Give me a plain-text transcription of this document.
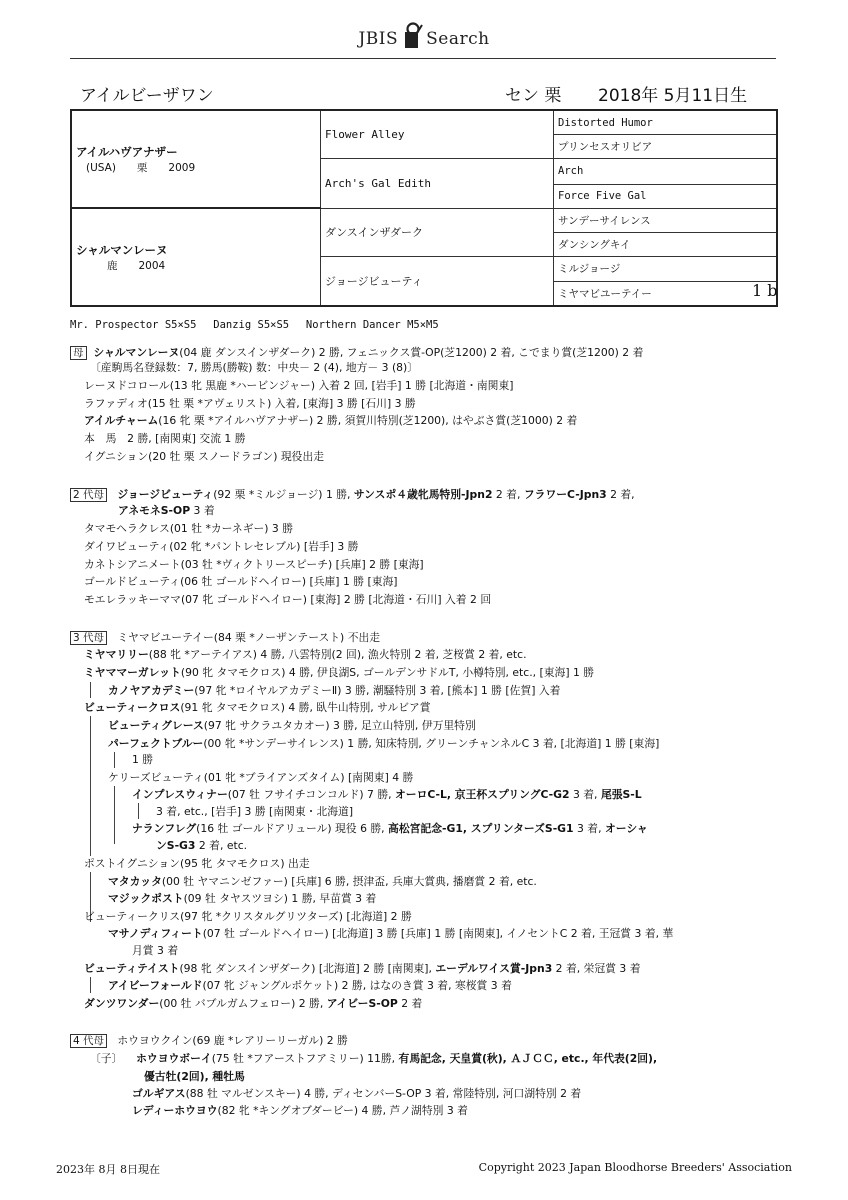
JBIS Search
アイルビーザワン	セン 栗 2018年 5月11日生
アイルハヴアナザー
(USA)　　栗　　2009	Flower Alley	Distorted Humor
		プリンセスオリビア
	Arch's Gal Edith	Arch
		Force Five Gal

シャルマンレーヌ
　　鹿　　2004	ダンスインザダーク	サンデーサイレンス
		ダンシングキイ
	ジョージビューティ	ミルジョージ
		ミヤマビユーテイー	1 b
Mr. Prospector S5×S5　 Danzig S5×S5　 Northern Dancer M5×M5
母 シャルマンレーヌ(04 鹿 ダンスインザダーク) 2 勝, フェニックス賞-OP(芝1200) 2 着, こでまり賞(芝1200) 2 着
〔産駒馬名登録数：7, 勝馬(勝鞍) 数：中央－ 2 (4), 地方－ 3 (8)〕
レーヌドコロール(13 牝 黒鹿 *ハービンジャー) 入着 2 回, [岩手] 1 勝 [北海道・南関東]
ラファディオ(15 牡 栗 *アヴェリスト) 入着, [東海] 3 勝 [石川] 3 勝
アイルチャーム(16 牝 栗 *アイルハヴアナザー) 2 勝, 須賀川特別(芝1200), はやぶさ賞(芝1000) 2 着
本　馬　2 勝, [南関東] 交流 1 勝
イグニション(20 牡 栗 スノードラゴン) 現役出走
2 代母 ジョージビューティ(92 栗 *ミルジョージ) 1 勝, サンスポ４歳牝馬特別-Jpn2 2 着, フラワーC-Jpn3 2 着,
アネモネS-OP 3 着
タマモヘラクレス(01 牡 *カーネギー) 3 勝
ダイワビューティ(02 牝 *パントレセレブル) [岩手] 3 勝
カネトシアニメート(03 牡 *ヴィクトリースピーチ) [兵庫] 2 勝 [東海]
ゴールドビューティ(06 牡 ゴールドヘイロー) [兵庫] 1 勝 [東海]
モエレラッキーママ(07 牝 ゴールドヘイロー) [東海] 2 勝 [北海道・石川] 入着 2 回
3 代母 ミヤマビユーテイー(84 栗 *ノーザンテースト) 不出走
ミヤマリリー(88 牝 *アーテイアス) 4 勝, 八雲特別(2 回), 漁火特別 2 着, 芝桜賞 2 着, etc.
ミヤママーガレット(90 牝 タマモクロス) 4 勝, 伊良湖S, ゴールデンサドルT, 小樽特別, etc., [東海] 1 勝
カノヤアカデミー(97 牝 *ロイヤルアカデミーⅡ) 3 勝, 潮騒特別 3 着, [熊本] 1 勝 [佐賀] 入着
ビューティークロス(91 牝 タマモクロス) 4 勝, 臥牛山特別, サルビア賞
ビューティグレース(97 牝 サクラユタカオー) 3 勝, 足立山特別, 伊万里特別
パーフェクトブルー(00 牝 *サンデーサイレンス) 1 勝, 知床特別, グリーンチャンネルC 3 着, [北海道] 1 勝 [東海]
1 勝
ケリーズビューティ(01 牝 *ブライアンズタイム) [南関東] 4 勝
インプレスウィナー(07 牡 フサイチコンコルド) 7 勝, オーロC-L, 京王杯スプリングC-G2 3 着, 尾張S-L
3 着, etc., [岩手] 3 勝 [南関東・北海道]
ナランフレグ(16 牡 ゴールドアリュール) 現役 6 勝, 高松宮記念-G1, スプリンターズS-G1 3 着, オーシャ
ンS-G3 2 着, etc.
ポストイグニション(95 牝 タマモクロス) 出走
マタカッタ(00 牡 ヤマニンゼファー) [兵庫] 6 勝, 摂津盃, 兵庫大賞典, 播磨賞 2 着, etc.
マジックポスト(09 牡 タヤスツヨシ) 1 勝, 早苗賞 3 着
ビューティークリス(97 牝 *クリスタルグリツターズ) [北海道] 2 勝
マサノディフィート(07 牡 ゴールドヘイロー) [北海道] 3 勝 [兵庫] 1 勝 [南関東], イノセントC 2 着, 王冠賞 3 着, 華
月賞 3 着
ビューティテイスト(98 牝 ダンスインザダーク) [北海道] 2 勝 [南関東], エーデルワイス賞-Jpn3 2 着, 栄冠賞 3 着
アイビーフォールド(07 牝 ジャングルポケット) 2 勝, はなのき賞 3 着, 寒桜賞 3 着
ダンツワンダー(00 牡 バブルガムフェロー) 2 勝, アイビーS-OP 2 着
4 代母 ホウヨウクイン(69 鹿 *レアリーリーガル) 2 勝
〔子〕 ホウヨウボーイ(75 牡 *フアーストフアミリー) 11勝, 有馬記念, 天皇賞(秋), ＡＪＣＣ, etc., 年代表(2回),
優古牡(2回), 種牡馬
ゴルギアス(88 牡 マルゼンスキー) 4 勝, ディセンバーS-OP 3 着, 常陸特別, 河口湖特別 2 着
レディーホウヨウ(82 牝 *キングオブダービー) 4 勝, 芦ノ湖特別 3 着
2023年 8月 8日現在	Copyright 2023 Japan Bloodhorse Breeders' Association
